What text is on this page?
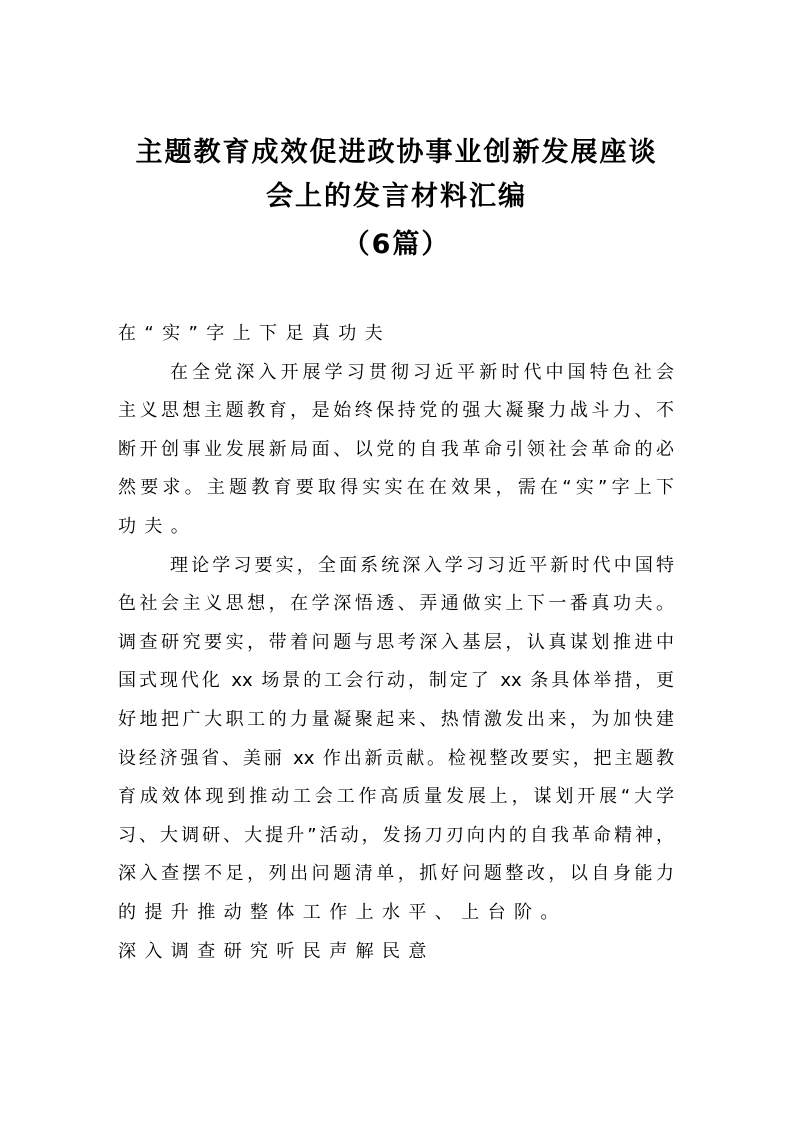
主题教育成效促进政协事业创新发展座谈
会上的发言材料汇编
（6篇）
在“实”字上下足真功夫
在全党深入开展学习贯彻习近平新时代中国特色社会
主义思想主题教育，是始终保持党的强大凝聚力战斗力、不
断开创事业发展新局面、以党的自我革命引领社会革命的必
然要求。主题教育要取得实实在在效果，需在“实”字上下
功夫。
理论学习要实，全面系统深入学习习近平新时代中国特
色社会主义思想，在学深悟透、弄通做实上下一番真功夫。
调查研究要实，带着问题与思考深入基层，认真谋划推进中
国式现代化 xx 场景的工会行动，制定了 xx 条具体举措，更
好地把广大职工的力量凝聚起来、热情激发出来，为加快建
设经济强省、美丽 xx 作出新贡献。检视整改要实，把主题教
育成效体现到推动工会工作高质量发展上，谋划开展“大学
习、大调研、大提升”活动，发扬刀刃向内的自我革命精神，
深入查摆不足，列出问题清单，抓好问题整改，以自身能力
的提升推动整体工作上水平、上台阶。
深入调查研究听民声解民意
